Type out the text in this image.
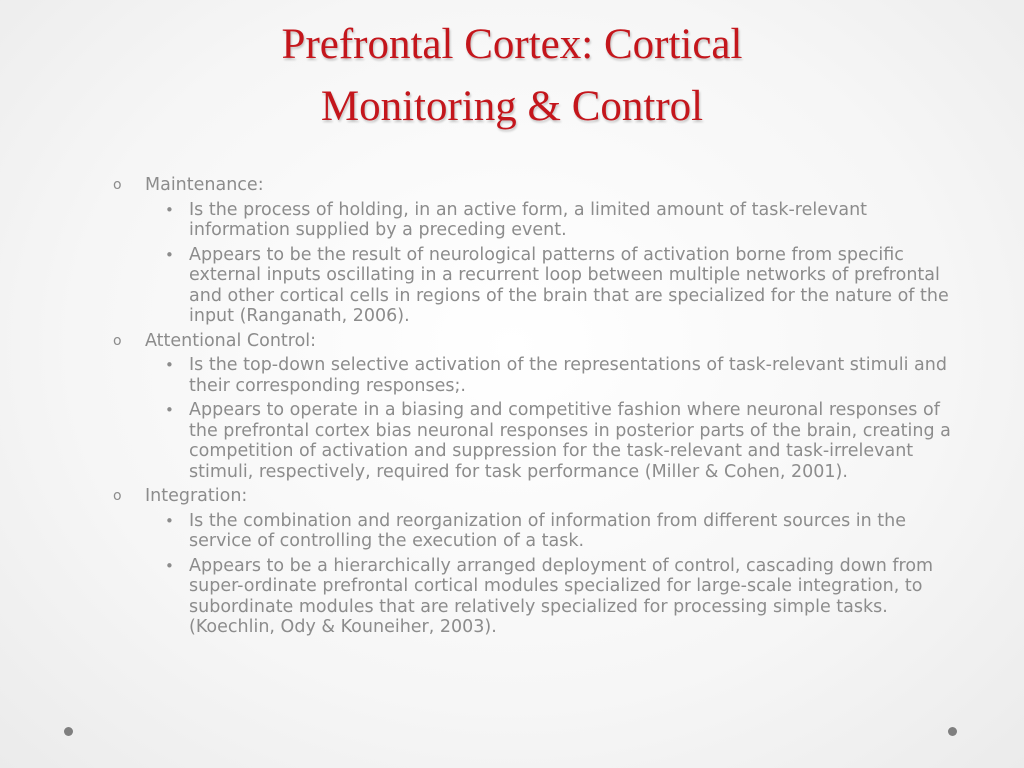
Prefrontal Cortex: Cortical
Monitoring & Control
o Maintenance:
• Is the process of holding, in an active form, a limited amount of task-relevant information supplied by a preceding event.
• Appears to be the result of neurological patterns of activation borne from specific external inputs oscillating in a recurrent loop between multiple networks of prefrontal and other cortical cells in regions of the brain that are specialized for the nature of the input (Ranganath, 2006).
o Attentional Control:
• Is the top-down selective activation of the representations of task-relevant stimuli and their corresponding responses;.
• Appears to operate in a biasing and competitive fashion where neuronal responses of the prefrontal cortex bias neuronal responses in posterior parts of the brain, creating a competition of activation and suppression for the task-relevant and task-irrelevant stimuli, respectively, required for task performance (Miller & Cohen, 2001).
o Integration:
• Is the combination and reorganization of information from different sources in the service of controlling the execution of a task.
• Appears to be a hierarchically arranged deployment of control, cascading down from super-ordinate prefrontal cortical modules specialized for large-scale integration, to subordinate modules that are relatively specialized for processing simple tasks. (Koechlin, Ody & Kouneiher, 2003).
